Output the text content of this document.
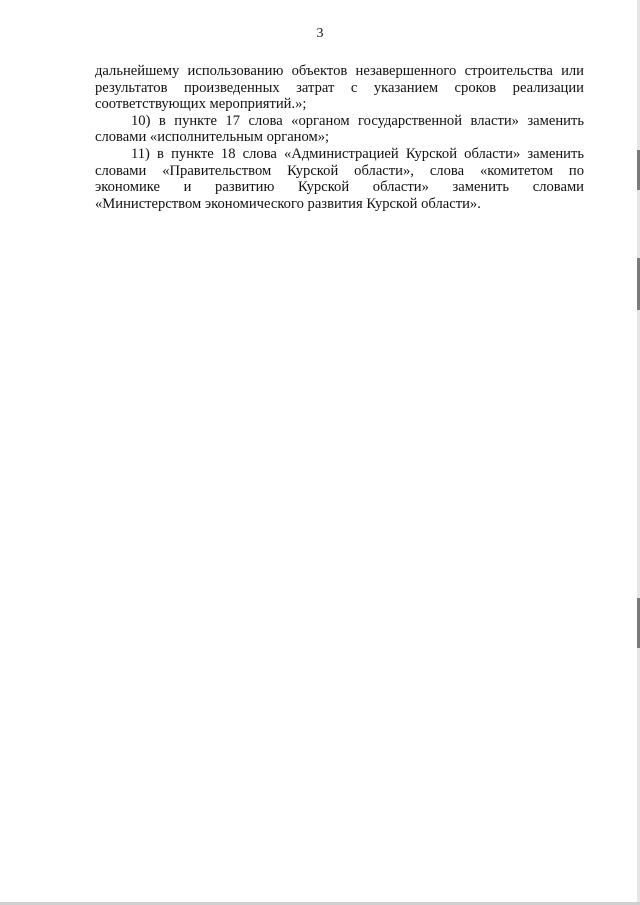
3
дальнейшему использованию объектов незавершенного строительства или
результатов произведенных затрат с указанием сроков реализации
соответствующих мероприятий.»;
10) в пункте 17 слова «органом государственной власти» заменить
словами «исполнительным органом»;
11) в пункте 18 слова «Администрацией Курской области» заменить
словами «Правительством Курской области», слова «комитетом по
экономике и развитию Курской области» заменить словами
«Министерством экономического развития Курской области».
